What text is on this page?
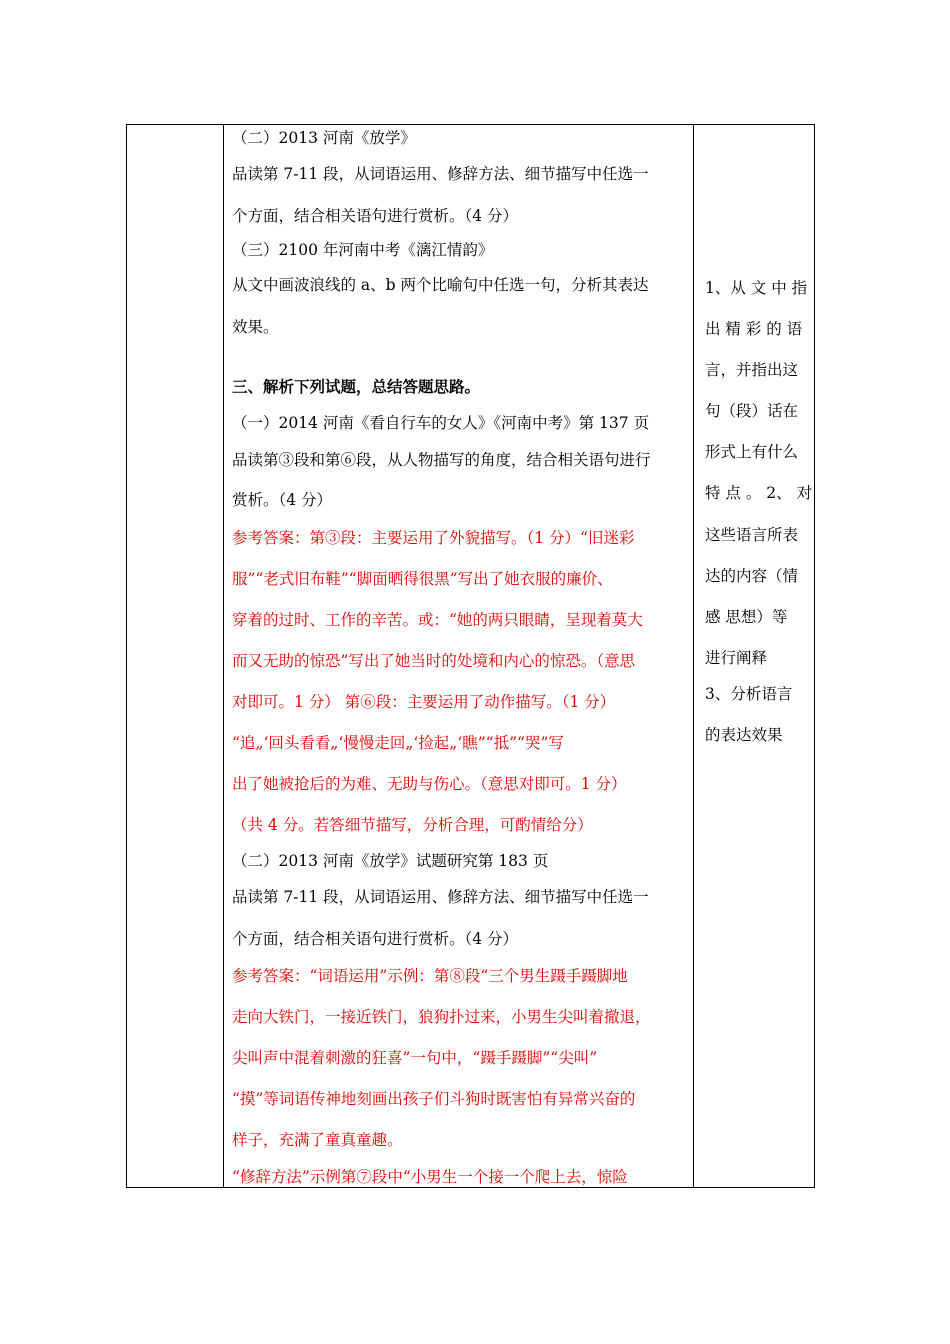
（二）2013 河南《放学》
品读第 7-11 段，从词语运用、修辞方法、细节描写中任选一
个方面，结合相关语句进行赏析。（4 分）
（三）2100 年河南中考《漓江情韵》
从文中画波浪线的 a、b 两个比喻句中任选一句，分析其表达
效果。
三、解析下列试题，总结答题思路。
（一）2014 河南《看自行车的女人》《河南中考》第 137 页
品读第③段和第⑥段，从人物描写的角度，结合相关语句进行
赏析。（4 分）
参考答案：第③段：主要运用了外貌描写。（1 分）“旧迷彩
服”“老式旧布鞋”“脚面晒得很黑”写出了她衣服的廉价、
穿着的过时、工作的辛苦。或：“她的两只眼睛，呈现着莫大
而又无助的惊恐”写出了她当时的处境和内心的惊恐。（意思
对即可。1 分） 第⑥段：主要运用了动作描写。（1 分）
“追„‘回头看看„‘慢慢走回„‘捡起„‘瞧”“抵”“哭”写
出了她被抢后的为难、无助与伤心。（意思对即可。1 分）
（共 4 分。若答细节描写，分析合理，可酌情给分）
（二）2013 河南《放学》试题研究第 183 页
品读第 7-11 段，从词语运用、修辞方法、细节描写中任选一
个方面，结合相关语句进行赏析。（4 分）
参考答案：“词语运用”示例：第⑧段“三个男生蹑手蹑脚地
走向大铁门，一接近铁门，狼狗扑过来，小男生尖叫着撤退，
尖叫声中混着刺激的狂喜”一句中，“蹑手蹑脚”“尖叫”
“摸”等词语传神地刻画出孩子们斗狗时既害怕有异常兴奋的
样子，充满了童真童趣。
“修辞方法”示例第⑦段中“小男生一个接一个爬上去，惊险
1、从 文 中 指
出 精 彩 的 语
言，并指出这
句（段）话在
形式上有什么
特 点 。 2、 对
这些语言所表
达的内容（情
感 思想）等
进行阐释
3、分析语言
的表达效果
